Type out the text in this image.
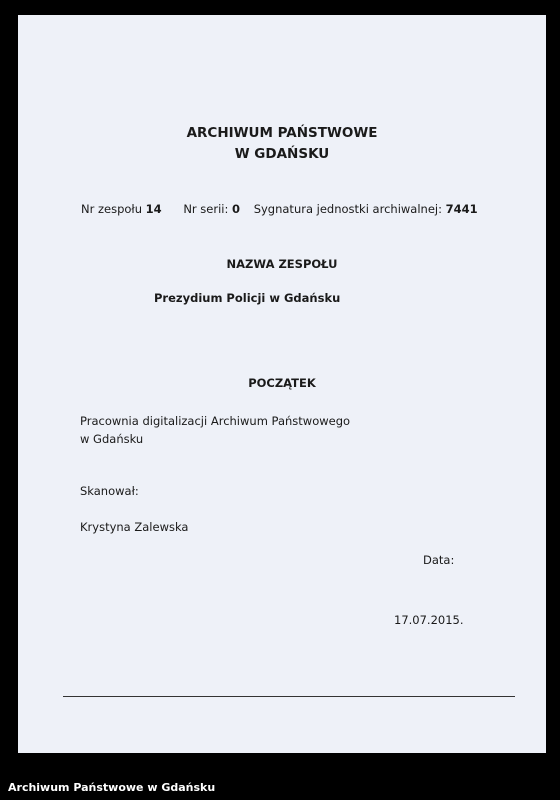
ARCHIWUM PAŃSTWOWE
W GDAŃSKU
Nr zespołu 14 Nr serii: 0 Sygnatura jednostki archiwalnej: 7441
NAZWA ZESPOŁU
Prezydium Policji w Gdańsku
POCZĄTEK
Pracownia digitalizacji Archiwum Państwowego
w Gdańsku
Skanował:
Krystyna Zalewska
Data:
17.07.2015.
Archiwum Państwowe w Gdańsku
